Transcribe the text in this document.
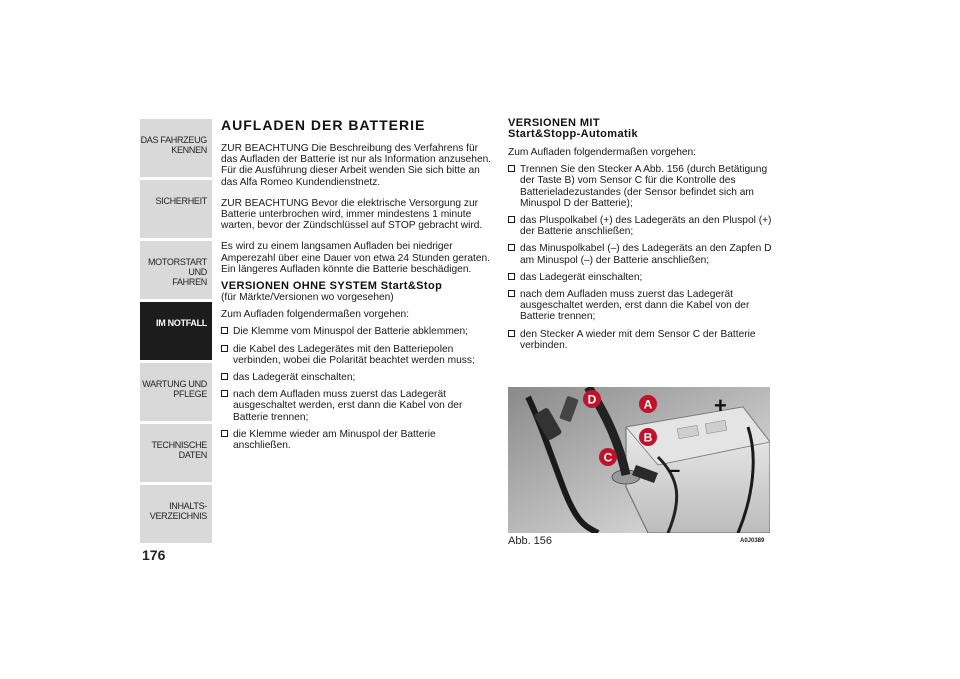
DAS FAHRZEUG
KENNEN
SICHERHEIT
MOTORSTART UND
FAHREN
IM NOTFALL
WARTUNG UND
PFLEGE
TECHNISCHE DATEN
INHALTS-
VERZEICHNIS
176
AUFLADEN DER BATTERIE

ZUR BEACHTUNG Die Beschreibung des Verfahrens für das Aufladen der Batterie ist nur als Information anzusehen. Für die Ausführung dieser Arbeit wenden Sie sich bitte an das Alfa Romeo Kundendienstnetz.

ZUR BEACHTUNG Bevor die elektrische Versorgung zur Batterie unterbrochen wird, immer mindestens 1 minute warten, bevor der Zündschlüssel auf STOP gebracht wird.

Es wird zu einem langsamen Aufladen bei niedriger Amperezahl über eine Dauer von etwa 24 Stunden geraten. Ein längeres Aufladen könnte die Batterie beschädigen.

VERSIONEN OHNE SYSTEM Start&Stop

(für Märkte/Versionen wo vorgesehen)

Zum Aufladen folgendermaßen vorgehen:

Die Klemme vom Minuspol der Batterie abklemmen;
die Kabel des Ladegerätes mit den Batteriepolen verbinden, wobei die Polarität beachtet werden muss;
das Ladegerät einschalten;
nach dem Aufladen muss zuerst das Ladegerät ausgeschaltet werden, erst dann die Kabel von der Batterie trennen;
die Klemme wieder am Minuspol der Batterie anschließen.
VERSIONEN MIT
Start&Stopp-Automatik

Zum Aufladen folgendermaßen vorgehen:

Trennen Sie den Stecker A Abb. 156 (durch Betätigung der Taste B) vom Sensor C für die Kontrolle des Batterieladezustandes (der Sensor befindet sich am Minuspol D der Batterie);
das Pluspolkabel (+) des Ladegeräts an den Pluspol (+) der Batterie anschließen;
das Minuspolkabel (–) des Ladegeräts an den Zapfen D am Minuspol (–) der Batterie anschließen;
das Ladegerät einschalten;
nach dem Aufladen muss zuerst das Ladegerät ausgeschaltet werden, erst dann die Kabel von der Batterie trennen;
den Stecker A wieder mit dem Sensor C der Batterie verbinden.
+
–
D	A
B
C
Abb. 156	A0J0389
